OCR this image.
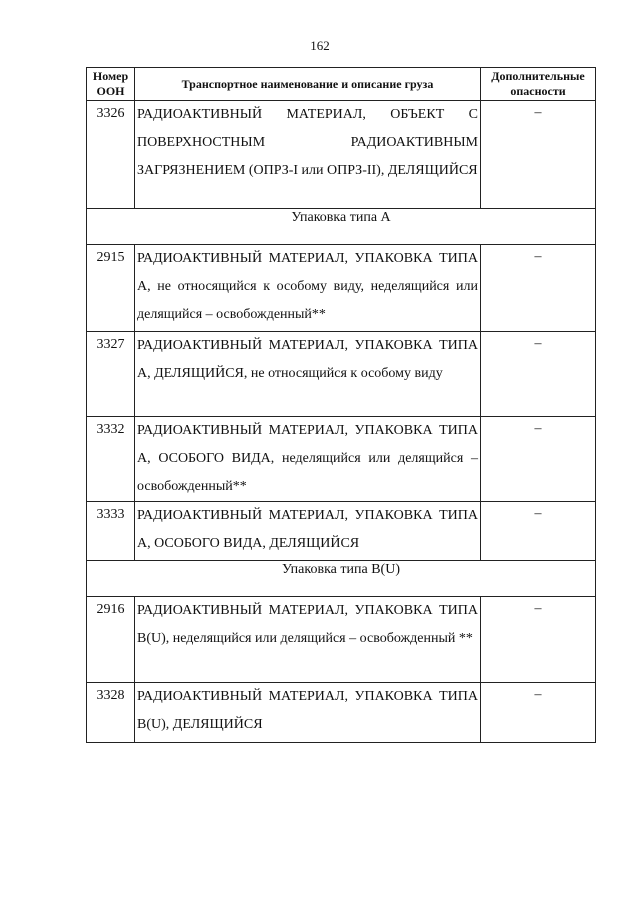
162
Номер ООН	Транспортное наименование и описание груза	Дополнительные опасности
3326	РАДИОАКТИВНЫЙ МАТЕРИАЛ, ОБЪЕКТ С ПОВЕРХНОСТНЫМ РАДИОАКТИВНЫМ ЗАГРЯЗНЕНИЕМ (ОПРЗ-I или ОПРЗ-II), ДЕЛЯЩИЙСЯ	–
Упаковка типа А		
2915	РАДИОАКТИВНЫЙ МАТЕРИАЛ, УПАКОВКА ТИПА А, не относящийся к особому виду, неделящийся или делящийся – освобожденный**	–
3327	РАДИОАКТИВНЫЙ МАТЕРИАЛ, УПАКОВКА ТИПА А, ДЕЛЯЩИЙСЯ, не относящийся к особому виду	–
3332	РАДИОАКТИВНЫЙ МАТЕРИАЛ, УПАКОВКА ТИПА А, ОСОБОГО ВИДА, неделящийся или делящийся – освобожденный**	–
3333	РАДИОАКТИВНЫЙ МАТЕРИАЛ, УПАКОВКА ТИПА А, ОСОБОГО ВИДА, ДЕЛЯЩИЙСЯ	–
Упаковка типа В(U)		
2916	РАДИОАКТИВНЫЙ МАТЕРИАЛ, УПАКОВКА ТИПА В(U), неделящийся или делящийся – освобожденный **	–
3328	РАДИОАКТИВНЫЙ МАТЕРИАЛ, УПАКОВКА ТИПА В(U), ДЕЛЯЩИЙСЯ	–
